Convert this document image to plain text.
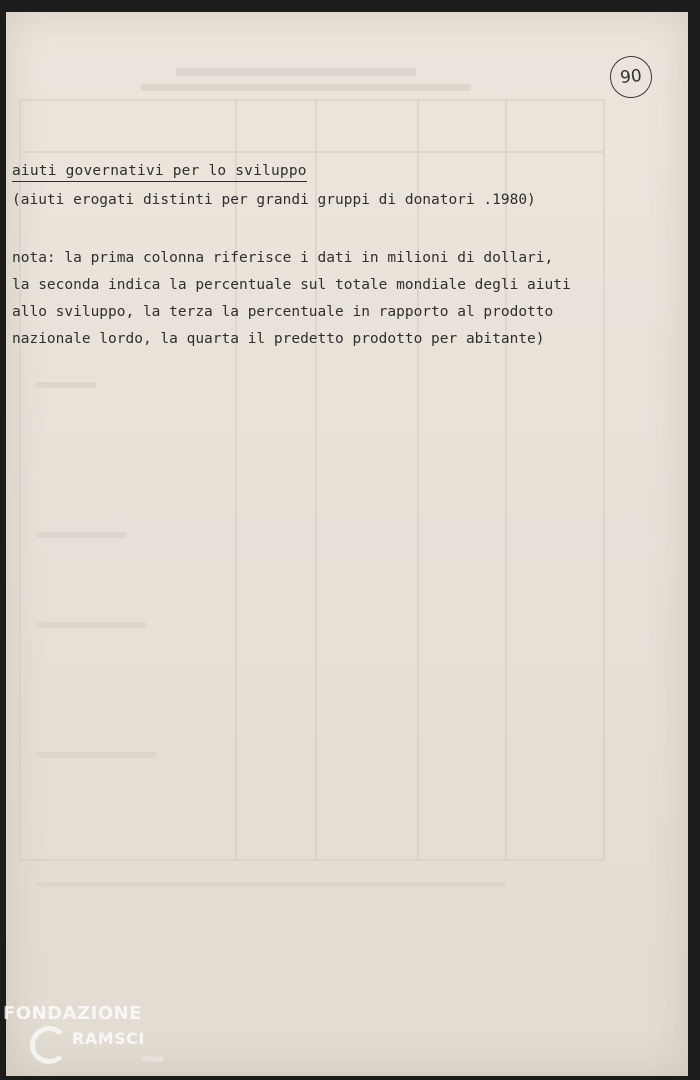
90
aiuti governativi per lo sviluppo
(aiuti erogati distinti per grandi gruppi di donatori .1980)
nota: la prima colonna riferisce i dati in milioni di dollari,
la seconda indica la percentuale sul totale mondiale degli aiuti
allo sviluppo, la terza la percentuale in rapporto al prodotto
nazionale lordo, la quarta il predetto prodotto per abitante)
FONDAZIONE
RAMSCI
onlus
